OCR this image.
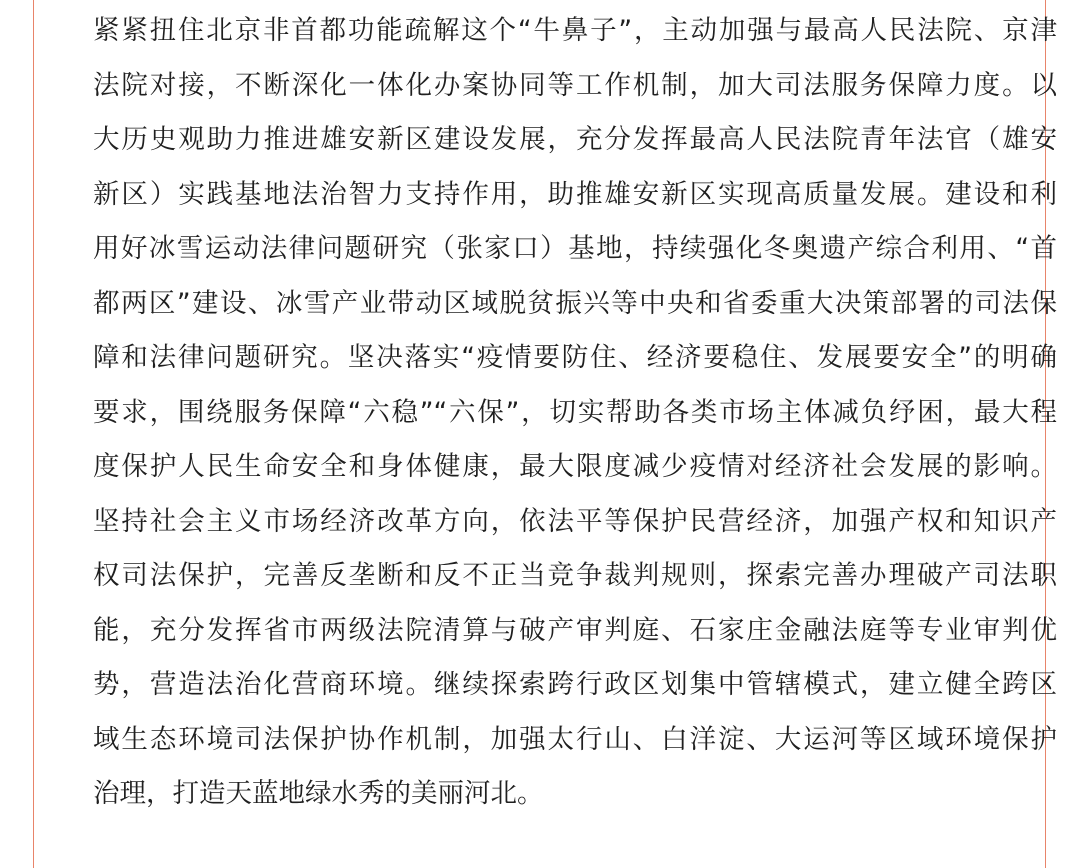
紧紧扭住北京非首都功能疏解这个“牛鼻子”，主动加强与最高人民法院、京津
法院对接，不断深化一体化办案协同等工作机制，加大司法服务保障力度。以
大历史观助力推进雄安新区建设发展，充分发挥最高人民法院青年法官（雄安
新区）实践基地法治智力支持作用，助推雄安新区实现高质量发展。建设和利
用好冰雪运动法律问题研究（张家口）基地，持续强化冬奥遗产综合利用、“首
都两区”建设、冰雪产业带动区域脱贫振兴等中央和省委重大决策部署的司法保
障和法律问题研究。坚决落实“疫情要防住、经济要稳住、发展要安全”的明确
要求，围绕服务保障“六稳”“六保”，切实帮助各类市场主体减负纾困，最大程
度保护人民生命安全和身体健康，最大限度减少疫情对经济社会发展的影响。
坚持社会主义市场经济改革方向，依法平等保护民营经济，加强产权和知识产
权司法保护，完善反垄断和反不正当竞争裁判规则，探索完善办理破产司法职
能，充分发挥省市两级法院清算与破产审判庭、石家庄金融法庭等专业审判优
势，营造法治化营商环境。继续探索跨行政区划集中管辖模式，建立健全跨区
域生态环境司法保护协作机制，加强太行山、白洋淀、大运河等区域环境保护
治理，打造天蓝地绿水秀的美丽河北。
